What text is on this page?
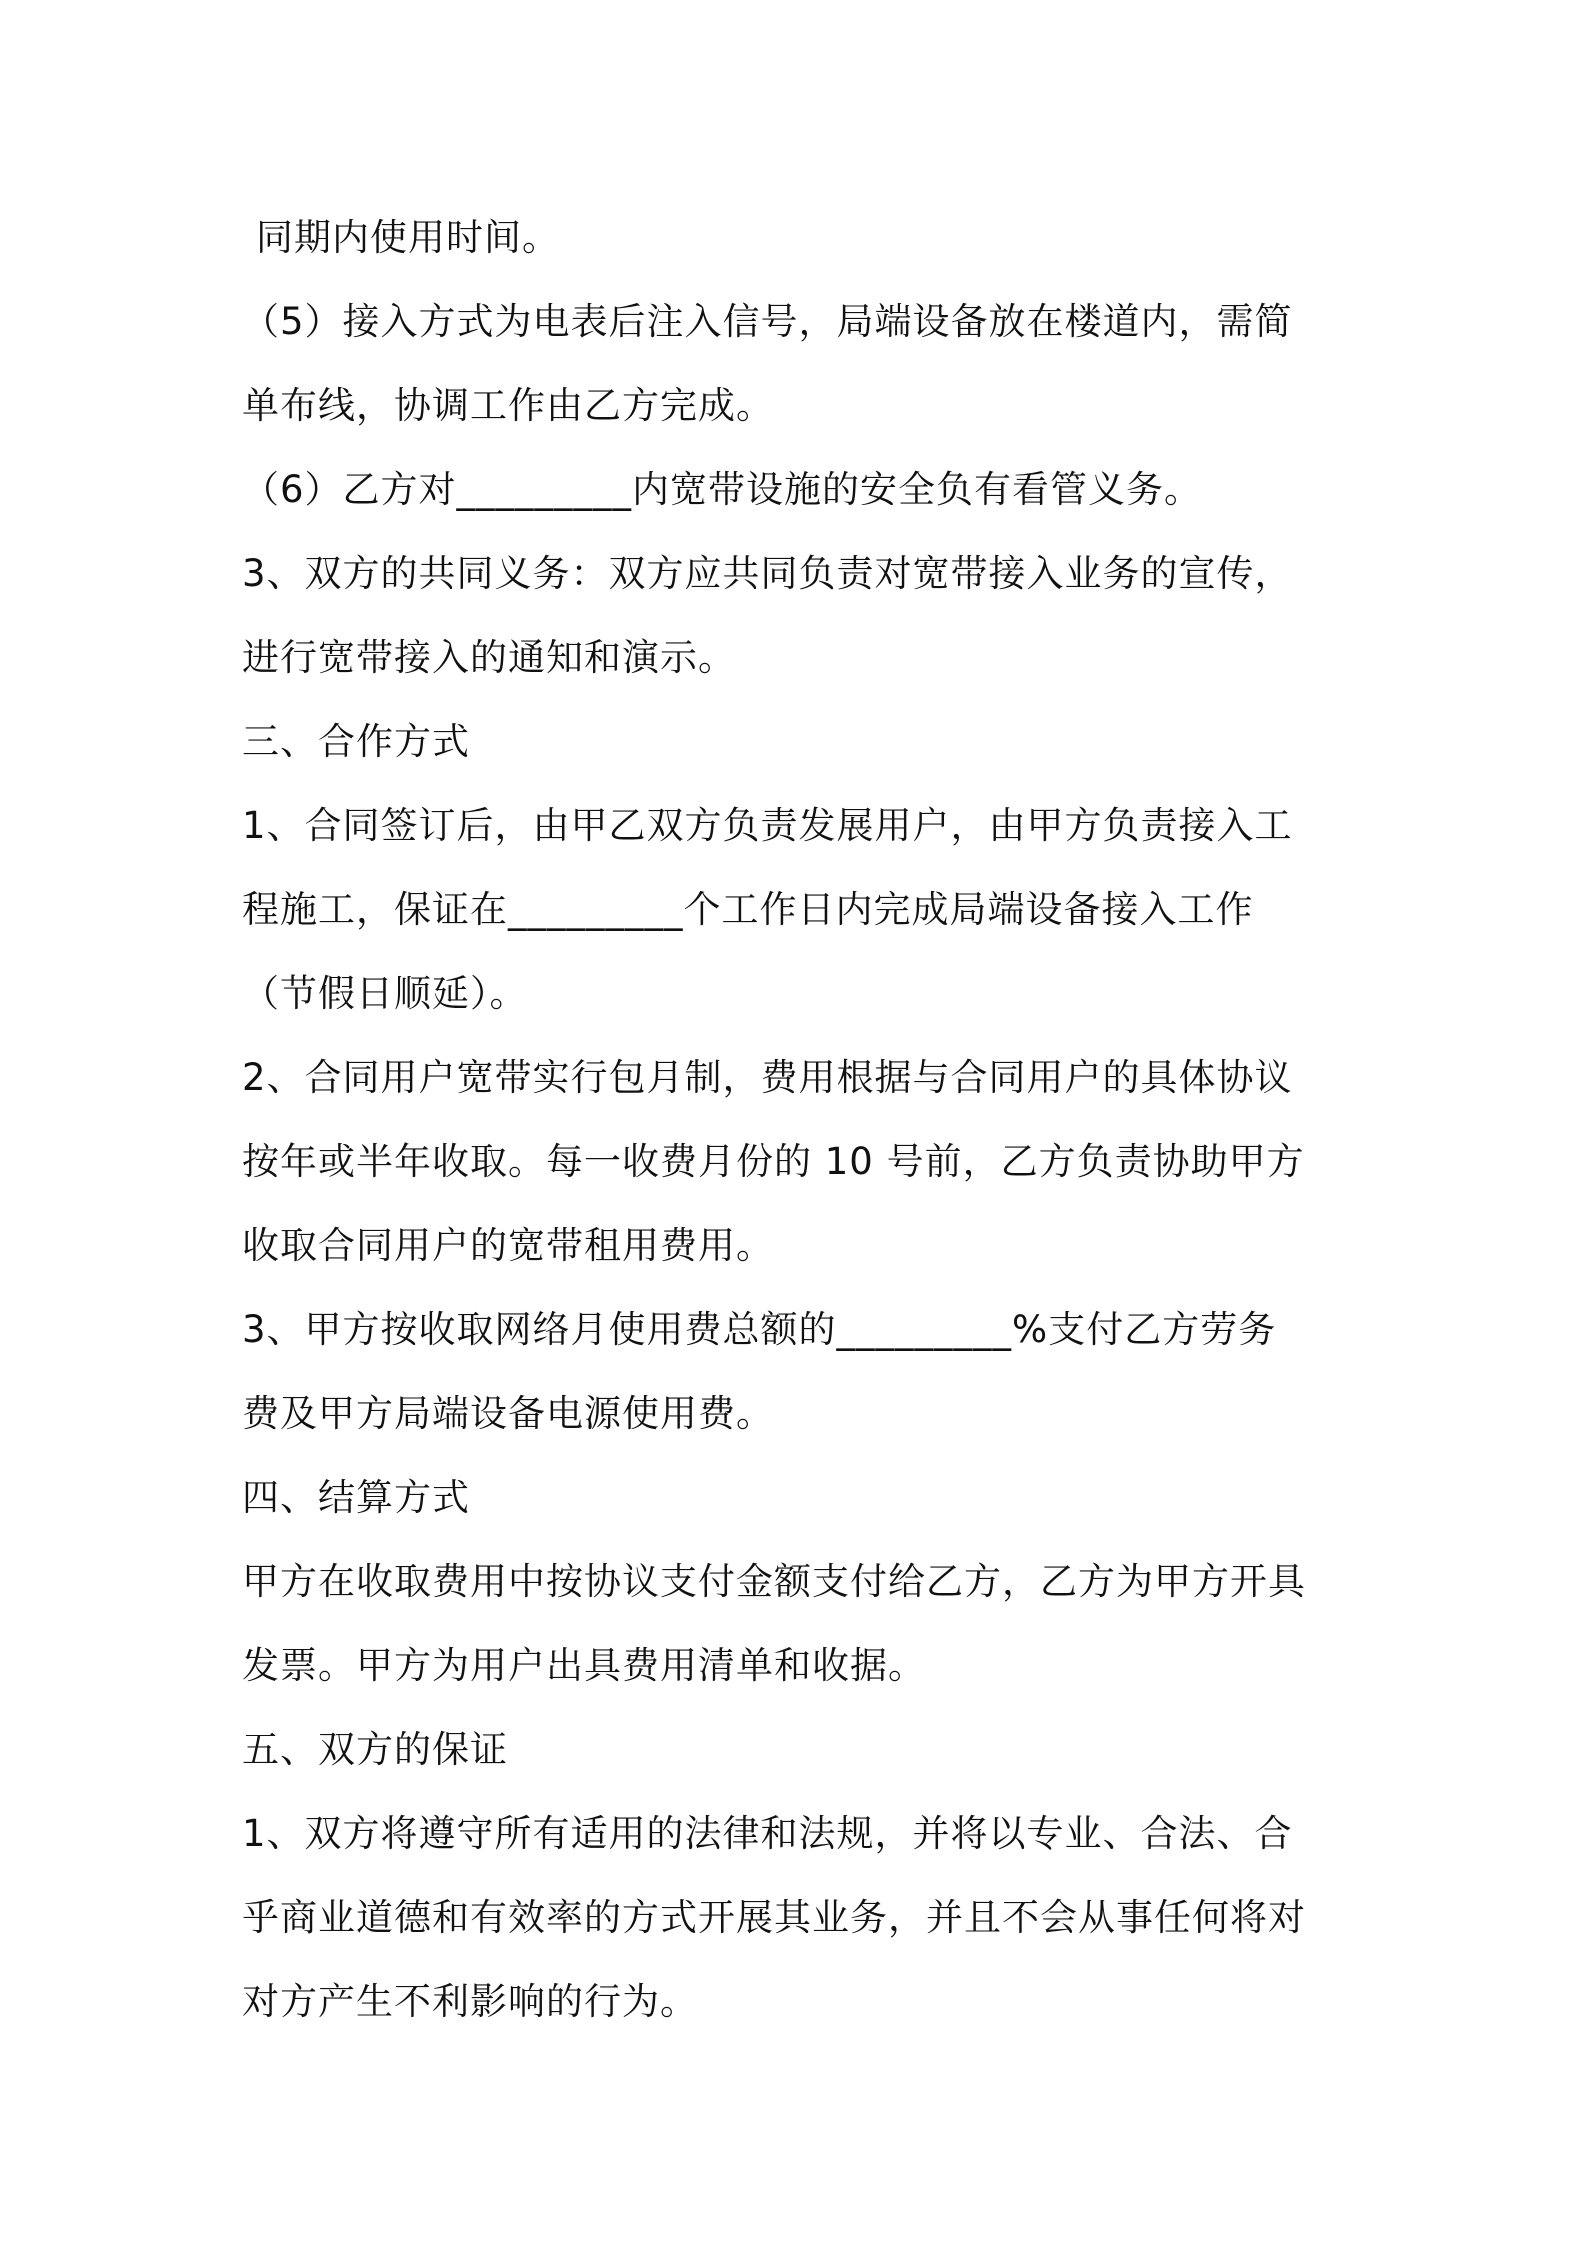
同期内使用时间。
（5）接入方式为电表后注入信号，局端设备放在楼道内，需简
单布线，协调工作由乙方完成。
（6）乙方对_________内宽带设施的安全负有看管义务。
3、双方的共同义务：双方应共同负责对宽带接入业务的宣传，
进行宽带接入的通知和演示。
三、合作方式
1、合同签订后，由甲乙双方负责发展用户，由甲方负责接入工
程施工，保证在_________个工作日内完成局端设备接入工作
（节假日顺延）。
2、合同用户宽带实行包月制，费用根据与合同用户的具体协议
按年或半年收取。每一收费月份的 10 号前，乙方负责协助甲方
收取合同用户的宽带租用费用。
3、甲方按收取网络月使用费总额的_________%支付乙方劳务
费及甲方局端设备电源使用费。
四、结算方式
甲方在收取费用中按协议支付金额支付给乙方，乙方为甲方开具
发票。甲方为用户出具费用清单和收据。
五、双方的保证
1、双方将遵守所有适用的法律和法规，并将以专业、合法、合
乎商业道德和有效率的方式开展其业务，并且不会从事任何将对
对方产生不利影响的行为。
